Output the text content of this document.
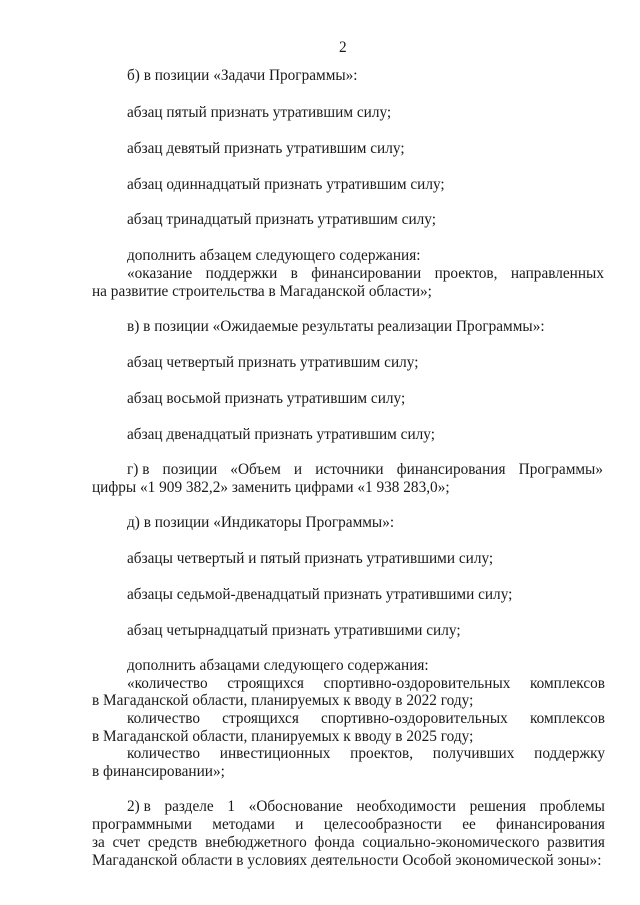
2
б) в позиции «Задачи Программы»:
абзац пятый признать утратившим силу;
абзац девятый признать утратившим силу;
абзац одиннадцатый признать утратившим силу;
абзац тринадцатый признать утратившим силу;
дополнить абзацем следующего содержания:
«оказание поддержки в финансировании проектов, направленных
на развитие строительства в Магаданской области»;
в) в позиции «Ожидаемые результаты реализации Программы»:
абзац четвертый признать утратившим силу;
абзац восьмой признать утратившим силу;
абзац двенадцатый признать утратившим силу;
г) в позиции «Объем и источники финансирования Программы»
цифры «1 909 382,2» заменить цифрами «1 938 283,0»;
д) в позиции «Индикаторы Программы»:
абзацы четвертый и пятый признать утратившими силу;
абзацы седьмой-двенадцатый признать утратившими силу;
абзац четырнадцатый признать утратившими силу;
дополнить абзацами следующего содержания:
«количество строящихся спортивно-оздоровительных комплексов
в Магаданской области, планируемых к вводу в 2022 году;
количество строящихся спортивно-оздоровительных комплексов
в Магаданской области, планируемых к вводу в 2025 году;
количество инвестиционных проектов, получивших поддержку
в финансировании»;
2) в разделе 1 «Обоснование необходимости решения проблемы
программными методами и целесообразности ее финансирования
за счет средств внебюджетного фонда социально-экономического развития
Магаданской области в условиях деятельности Особой экономической зоны»:
